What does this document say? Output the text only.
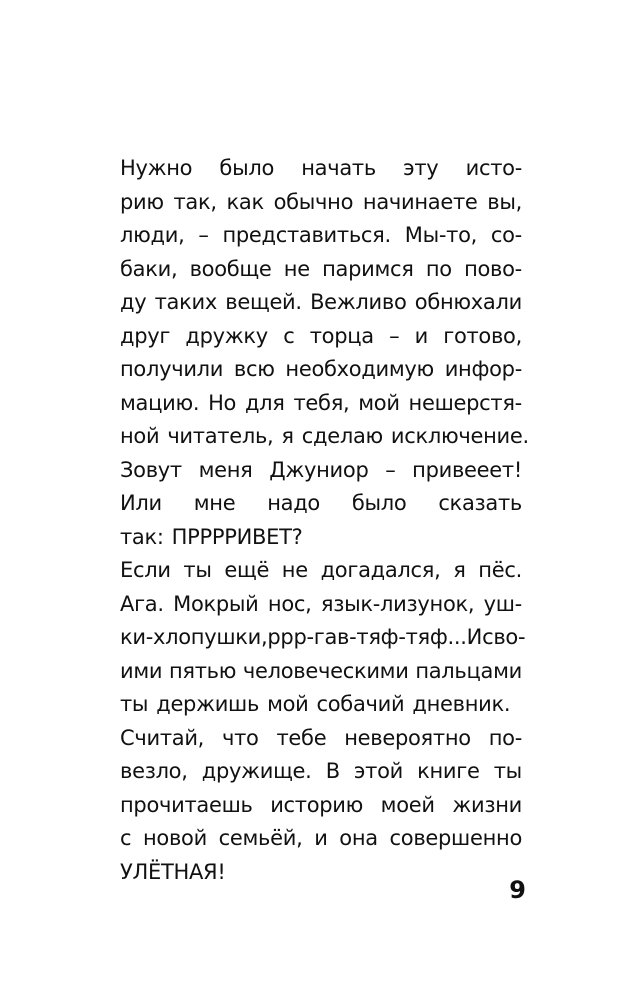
Нужно было начать эту исто-
рию так, как обычно начинаете вы,
люди, – представиться. Мы-то, со-
баки, вообще не паримся по пово-
ду таких вещей. Вежливо обнюхали
друг дружку с торца – и готово,
получили всю необходимую инфор-
мацию. Но для тебя, мой нешерстя-
ной читатель, я сделаю исключение.
Зовут меня Джуниор – привееет!
Или мне надо было сказать
так: ПРРРРИВЕТ?
Если ты ещё не догадался, я пёс.
Ага. Мокрый нос, язык-лизунок, уш-
ки-хлопушки, ррр-гав-тяф-тяф... И сво-
ими пятью человеческими пальцами
ты держишь мой собачий дневник.
Считай, что тебе невероятно по-
везло, дружище. В этой книге ты
прочитаешь историю моей жизни
с новой семьёй, и она совершенно
УЛЁТНАЯ!
9
